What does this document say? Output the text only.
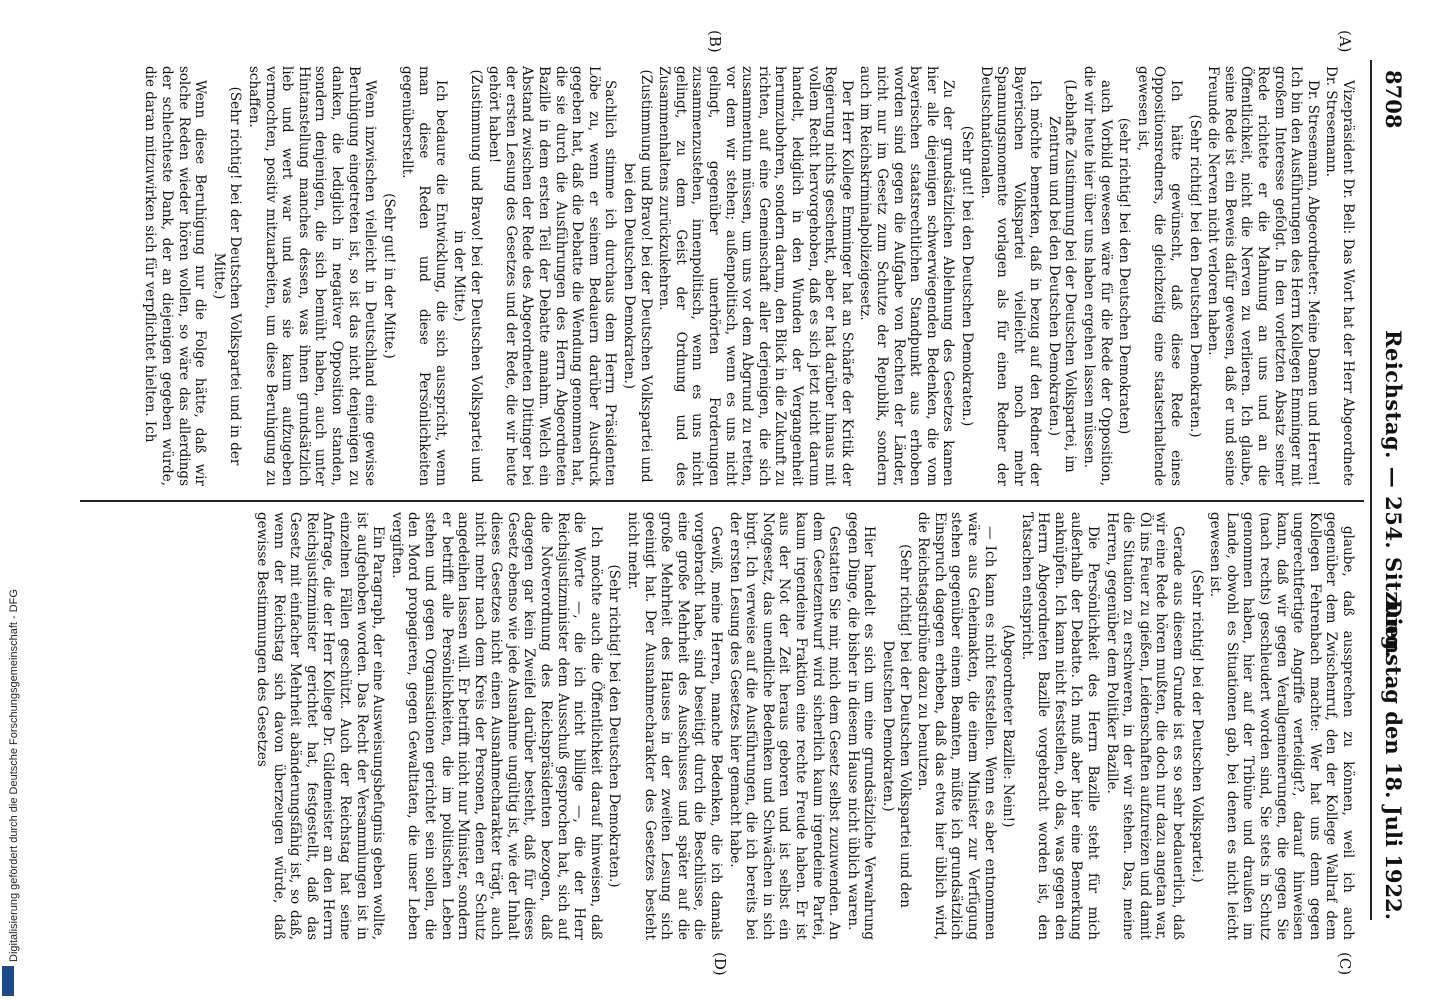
8708
Reichstag. — 254. Sitzung.
Dienstag den 18. Juli 1922.
(A)
(B)
(C)
(D)

Vizepräsident Dr. Bell: Das Wort hat der Herr Abgeordnete Dr. Stresemann.

Dr. Stresemann, Abgeordneter: Meine Damen und Herren! Ich bin den Ausführungen des Herrn Kollegen Emminger mit großem Interesse gefolgt. In den vorletzten Absatz seiner Rede richtete er die Mahnung an uns und an die Öffentlichkeit, nicht die Nerven zu verlieren. Ich glaube, seine Rede ist ein Beweis dafür gewesen, daß er und seine Freunde die Nerven nicht verloren haben.

(Sehr richtig! bei den Deutschen Demokraten.)

Ich hätte gewünscht, daß diese Rede eines Oppositionsredners, die gleichzeitig eine staatserhaltende gewesen ist,

(sehr richtig! bei den Deutschen Demokraten)

auch Vorbild gewesen wäre für die Rede der Opposition, die wir heute hier über uns haben ergehen lassen müssen.

(Lebhafte Zustimmung bei der Deutschen Volkspartei, im Zentrum und bei den Deutschen Demokraten.)

Ich möchte bemerken, daß in bezug auf den Redner der Bayerischen Volkspartei vielleicht noch mehr Spannungsmomente vorlagen als für einen Redner der Deutschnationalen.

(Sehr gut! bei den Deutschen Demokraten.)

Zu der grundsätzlichen Ablehnung des Gesetzes kamen hier alle diejenigen schwerwiegenden Bedenken, die vom bayerischen staatsrechtlichen Standpunkt aus erhoben worden sind gegen die Aufgabe von Rechten der Länder, nicht nur im Gesetz zum Schutze der Republik, sondern auch im Reichskriminalpolizeigesetz.

Der Herr Kollege Emminger hat an Schärfe der Kritik der Regierung nichts geschenkt, aber er hat darüber hinaus mit vollem Recht hervorgehoben, daß es sich jetzt nicht darum handelt, lediglich in den Wunden der Vergangenheit herumzubohren, sondern darum, den Blick in die Zukunft zu richten, auf eine Gemeinschaft aller derjenigen, die sich zusammentun müssen, um uns vor dem Abgrund zu retten, vor dem wir stehen; außenpolitisch, wenn es uns nicht gelingt, gegenüber unerhörten Forderungen zusammenzustehen, innenpolitisch, wenn es uns nicht gelingt, zu dem Geist der Ordnung und des Zusammenhaltens zurückzukehren.

(Zustimmung und Bravo! bei der Deutschen Volkspartei und bei den Deutschen Demokraten.)

Sachlich stimme ich durchaus dem Herrn Präsidenten Löbe zu, wenn er seinem Bedauern darüber Ausdruck gegeben hat, daß die Debatte die Wendung genommen hat, die sie durch die Ausführungen des Herrn Abgeordneten Bazille in dem ersten Teil der Debatte annahm. Welch ein Abstand zwischen der Rede des Abgeordneten Dittinger bei der ersten Lesung des Gesetzes und der Rede, die wir heute gehört haben!

(Zustimmung und Bravo! bei der Deutschen Volkspartei und in der Mitte.)

Ich bedaure die Entwicklung, die sich ausspricht, wenn man diese Reden und diese Persönlichkeiten gegenüberstellt.

(Sehr gut! in der Mitte.)

Wenn inzwischen vielleicht in Deutschland eine gewisse Beruhigung eingetreten ist, so ist das nicht denjenigen zu danken, die lediglich in negativer Opposition standen, sondern denjenigen, die sich bemüht haben, auch unter Hintanstellung manches dessen, was ihnen grundsätzlich lieb und wert war und was sie kaum aufzugeben vermochten, positiv mitzuarbeiten, um diese Beruhigung zu schaffen.

(Sehr richtig! bei der Deutschen Volkspartei und in der Mitte.)

Wenn diese Beruhigung nur die Folge hätte, daß wir solche Reden wieder hören wollen, so wäre das allerdings der schlechteste Dank, der an diejenigen gegeben würde, die daran mitzuwirken sich für verpflichtet hielten. Ich

glaube, daß aussprechen zu können, weil ich auch gegenüber dem Zwischenruf, den der Kollege Wallraf dem Kollegen Fehrenbach machte: Wer hat uns denn gegen ungerechtfertigte Angriffe verteidigt?, darauf hinweisen kann, daß wir gegen Verallgemeinerungen, die gegen Sie (nach rechts) geschleudert worden sind, Sie stets in Schutz genommen haben, hier auf der Tribüne und draußen im Lande, obwohl es Situationen gab, bei denen es nicht leicht gewesen ist.

(Sehr richtig! bei der Deutschen Volkspartei.)

Gerade aus diesem Grunde ist es so sehr bedauerlich, daß wir eine Rede hören mußten, die doch nur dazu angetan war, Öl ins Feuer zu gießen, Leidenschaften aufzureizen und damit die Situation zu erschweren, in der wir stehen. Das, meine Herren, gegenüber dem Politiker Bazille.

Die Persönlichkeit des Herrn Bazille steht für mich außerhalb der Debatte. Ich muß aber hier eine Bemerkung anknüpfen. Ich kann nicht feststellen, ob das, was gegen den Herrn Abgeordneten Bazille vorgebracht worden ist, den Tatsachen entspricht.

(Abgeordneter Bazille: Nein!)

— Ich kann es nicht feststellen. Wenn es aber entnommen wäre aus Geheimakten, die einem Minister zur Verfügung stehen gegenüber einem Beamten, müßte ich grundsätzlich Einspruch dagegen erheben, daß das etwa hier üblich wird, die Reichstagstribüne dazu zu benutzen.

(Sehr richtig! bei der Deutschen Volkspartei und den Deutschen Demokraten.)

Hier handelt es sich um eine grundsätzliche Verwahrung gegen Dinge, die bisher in diesem Hause nicht üblich waren.

Gestatten Sie mir, mich dem Gesetz selbst zuzuwenden. An dem Gesetzentwurf wird sicherlich kaum irgendeine Partei, kaum irgendeine Fraktion eine rechte Freude haben. Er ist aus der Not der Zeit heraus geboren und ist selbst ein Notgesetz, das unendliche Bedenken und Schwächen in sich birgt. Ich verweise auf die Ausführungen, die ich bereits bei der ersten Lesung des Gesetzes hier gemacht habe.

Gewiß, meine Herren, manche Bedenken, die ich damals vorgebracht habe, sind beseitigt durch die Beschlüsse, die eine große Mehrheit des Ausschusses und später auf die große Mehrheit des Hauses in der zweiten Lesung sich geeinigt hat. Der Ausnahmecharakter des Gesetzes besteht nicht mehr.

(Sehr richtig! bei den Deutschen Demokraten.)

Ich möchte auch die Öffentlichkeit darauf hinweisen, daß die Worte —, die ich nicht billige —, die der Herr Reichsjustizminister dem Ausschuß gesprochen hat, sich auf die Notverordnung des Reichspräsidenten bezogen, daß dagegen gar kein Zweifel darüber besteht, daß für dieses Gesetz ebenso wie jede Ausnahme ungültig ist, wie der Inhalt dieses Gesetzes nicht einen Ausnahmecharakter trägt, auch nicht mehr nach dem Kreis der Personen, denen er Schutz angedeihen lassen will. Er betrifft nicht nur Minister, sondern er betrifft alle Persönlichkeiten, die im politischen Leben stehen und gegen Organisationen gerichtet sein sollen, die den Mord propagieren, gegen Gewalttaten, die unser Leben vergiften.

Ein Paragraph, der eine Ausweisungsbefugnis geben wollte, ist aufgehoben worden. Das Recht der Versammlungen ist in einzelnen Fällen geschützt. Auch der Reichstag hat seine Anfrage, die der Herr Kollege Dr. Gildemeister an den Herrn Reichsjustizminister gerichtet hat, festgestellt, daß das Gesetz mit einfacher Mehrheit abänderungsfähig ist, so daß, wenn der Reichstag sich davon überzeugen würde, daß gewisse Bestimmungen des Gesetzes

Digitalisierung gefördert durch die Deutsche Forschungsgemeinschaft - DFG
